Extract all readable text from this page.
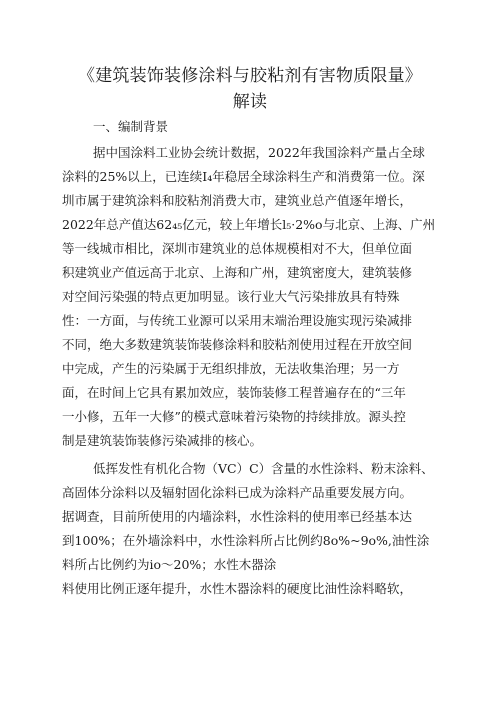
《建筑装饰装修涂料与胶粘剂有害物质限量》
解读
一、编制背景
据中国涂料工业协会统计数据，2022年我国涂料产量占全球
涂料的25%以上，已连续I₄年稳居全球涂料生产和消费第一位。深
圳市属于建筑涂料和胶粘剂消费大市，建筑业总产值逐年增长，
2022年总产值达62₄₅亿元，较上年增长l₅·2%o与北京、上海、广州
等一线城市相比，深圳市建筑业的总体规模相对不大，但单位面
积建筑业产值远高于北京、上海和广州，建筑密度大，建筑装修
对空间污染强的特点更加明显。该行业大气污染排放具有特殊
性：一方面，与传统工业源可以采用末端治理设施实现污染减排
不同，绝大多数建筑装饰装修涂料和胶粘剂使用过程在开放空间
中完成，产生的污染属于无组织排放，无法收集治理；另一方
面，在时间上它具有累加效应，装饰装修工程普遍存在的“三年
一小修，五年一大修”的模式意味着污染物的持续排放。源头控
制是建筑装饰装修污染减排的核心。
低挥发性有机化合物（VC）C）含量的水性涂料、粉末涂料、
高固体分涂料以及辐射固化涂料已成为涂料产品重要发展方向。
据调查，目前所使用的内墙涂料，水性涂料的使用率已经基本达
到100%；在外墙涂料中，水性涂料所占比例约8o%~9o%,油性涂
料所占比例约为io～20%；水性木器涂
料使用比例正逐年提升，水性木器涂料的硬度比油性涂料略软，
